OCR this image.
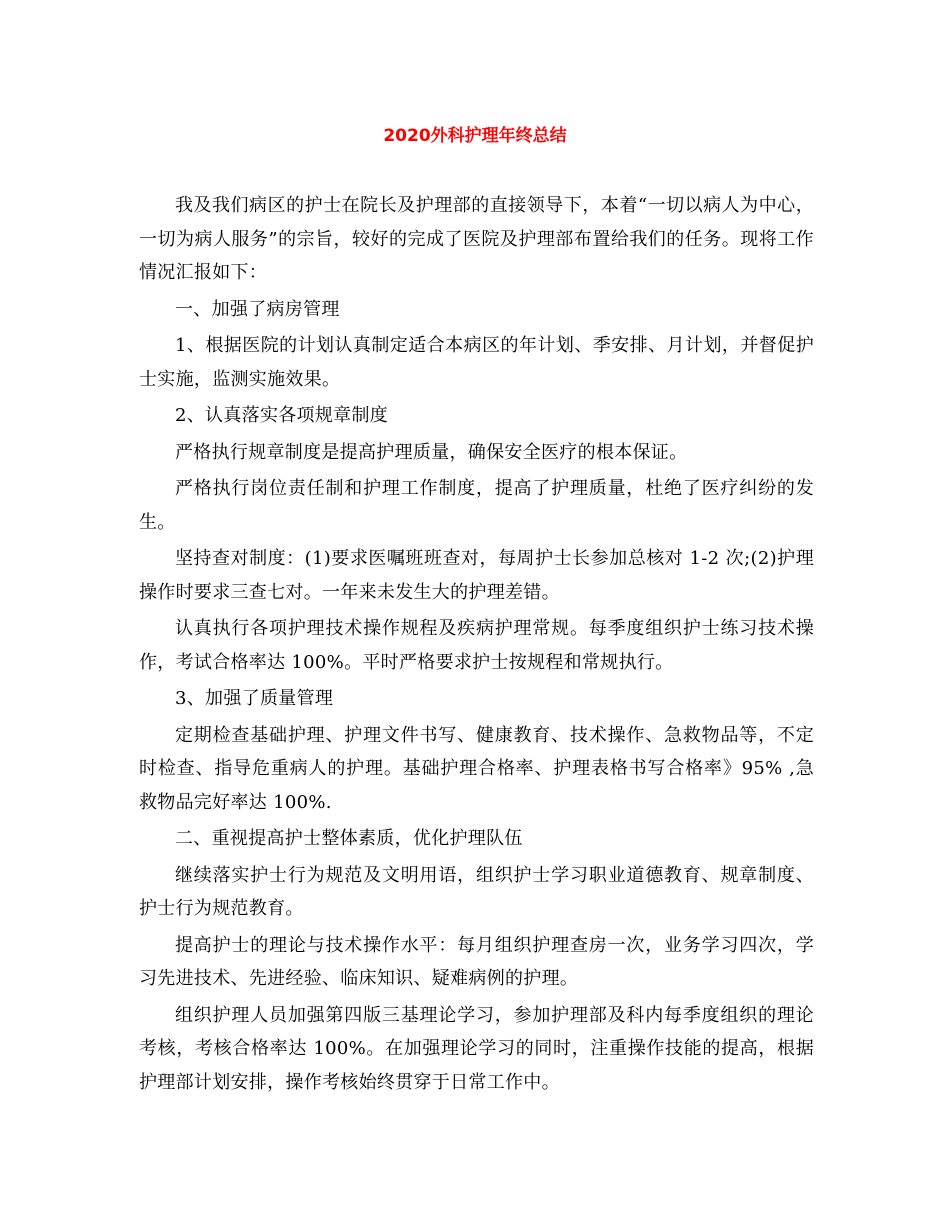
2020外科护理年终总结

我及我们病区的护士在院长及护理部的直接领导下，本着“一切以病人为中心，一切为病人服务”的宗旨，较好的完成了医院及护理部布置给我们的任务。现将工作情况汇报如下：

一、加强了病房管理

1、根据医院的计划认真制定适合本病区的年计划、季安排、月计划，并督促护士实施，监测实施效果。

2、认真落实各项规章制度

严格执行规章制度是提高护理质量，确保安全医疗的根本保证。

严格执行岗位责任制和护理工作制度，提高了护理质量，杜绝了医疗纠纷的发生。

坚持查对制度：(1)要求医嘱班班查对，每周护士长参加总核对 1-2 次;(2)护理操作时要求三查七对。一年来未发生大的护理差错。

认真执行各项护理技术操作规程及疾病护理常规。每季度组织护士练习技术操作，考试合格率达 100%。平时严格要求护士按规程和常规执行。

3、加强了质量管理

定期检查基础护理、护理文件书写、健康教育、技术操作、急救物品等，不定时检查、指导危重病人的护理。基础护理合格率、护理表格书写合格率》95% ,急救物品完好率达 100%.

二、重视提高护士整体素质，优化护理队伍

继续落实护士行为规范及文明用语，组织护士学习职业道德教育、规章制度、护士行为规范教育。

提高护士的理论与技术操作水平：每月组织护理查房一次，业务学习四次，学习先进技术、先进经验、临床知识、疑难病例的护理。

组织护理人员加强第四版三基理论学习，参加护理部及科内每季度组织的理论考核，考核合格率达 100%。在加强理论学习的同时，注重操作技能的提高，根据护理部计划安排，操作考核始终贯穿于日常工作中。
